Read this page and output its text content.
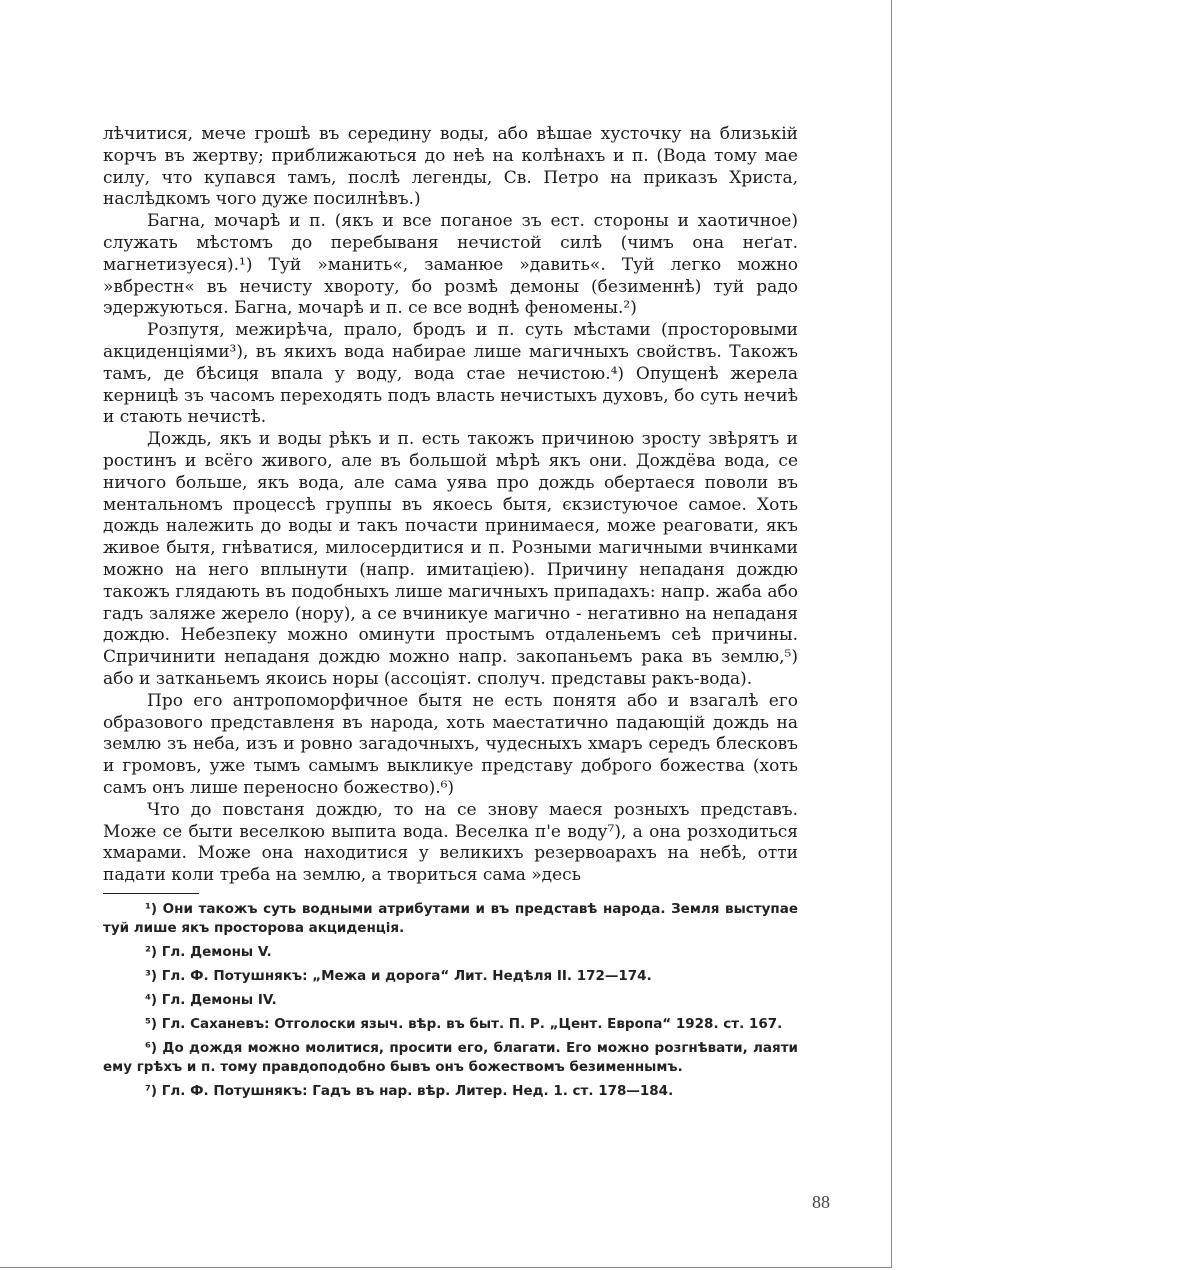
лѣчитися, мече грошѣ въ середину воды, або вѣшае хусточку на близькій корчъ въ жертву; приближаються до неѣ на колѣнахъ и п. (Вода тому мае силу, что купався тамъ, послѣ легенды, Св. Петро на приказъ Христа, наслѣдкомъ чого дуже посилнѣвъ.)

Багна, мочарѣ и п. (якъ и все поганое зъ ест. стороны и хаотичное) служать мѣстомъ до перебываня нечистой силѣ (чимъ она неґат. магнетизуеся).¹) Туй »манить«, заманюе »давить«. Туй легко можно »вбрестн« въ нечисту хвороту, бо розмѣ демоны (безименнѣ) туй радо эдержуються. Багна, мочарѣ и п. се все воднѣ феномены.²)

Розпутя, межирѣча, прало, бродъ и п. суть мѣстами (просторовыми акциденціями³), въ якихъ вода набирае лише магичныхъ свойствъ. Такожъ тамъ, де бѣсиця впала у воду, вода стае нечистою.⁴) Опущенѣ жерела керницѣ зъ часомъ переходять подъ власть нечистыхъ духовъ, бо суть нечиѣ и стають нечистѣ.

Дождь, якъ и воды рѣкъ и п. есть такожъ причиною зросту звѣрятъ и ростинъ и всёго живого, але въ большой мѣрѣ якъ они. Дождёва вода, се ничого больше, якъ вода, але сама уява про дождь обертаеся поволи въ ментальномъ процессѣ группы въ якоесь бытя, єкзистуючое самое. Хоть дождь належить до воды и такъ почасти принимаеся, може реаговати, якъ живое бытя, гнѣватися, милосердитися и п. Розными магичными вчинками можно на него вплынути (напр. имитаціею). Причину непаданя дождю такожъ глядають въ подобныхъ лише магичныхъ припадахъ: напр. жаба або гадъ заляже жерело (нору), а се вчиникуе магично - негативно на непаданя дождю. Небезпеку можно оминути простымъ отдаленьемъ сеѣ причины. Спричинити непаданя дождю можно напр. закопаньемъ рака въ землю,⁵) або и затканьемъ якоись норы (ассоціят. сполуч. представы ракъ-вода).

Про его антропоморфичное бытя не есть понятя або и взагалѣ его образового представленя въ народа, хоть маестатично падающій дождь на землю зъ неба, изъ и ровно загадочныхъ, чудесныхъ хмаръ середъ блесковъ и громовъ, уже тымъ самымъ выкликуе представу доброго божества (хоть самъ онъ лише переносно божество).⁶)

Что до повстаня дождю, то на се знову маеся розныхъ представъ. Може се быти веселкою выпита вода. Веселка п'е воду⁷), а она розходиться хмарами. Може она находитися у великихъ резервоарахъ на небѣ, отти падати коли треба на землю, а твориться сама »десь

¹) Они такожъ суть водными атрибутами и въ представѣ народа. Земля выступае туй лише якъ просторова акциденція.

²) Гл. Демоны V.

³) Гл. Ф. Потушнякъ: „Межа и дорога“ Лит. Недѣля II. 172—174.

⁴) Гл. Демоны IV.

⁵) Гл. Саханевъ: Отголоски языч. вѣр. въ быт. П. Р. „Цент. Европа“ 1928. ст. 167.

⁶) До дождя можно молитися, просити его, благати. Его можно розгнѣвати, лаяти ему грѣхъ и п. тому правдоподобно бывъ онъ божествомъ безименнымъ.

⁷) Гл. Ф. Потушнякъ: Гадъ въ нар. вѣр. Литер. Нед. 1. ст. 178—184.

88
